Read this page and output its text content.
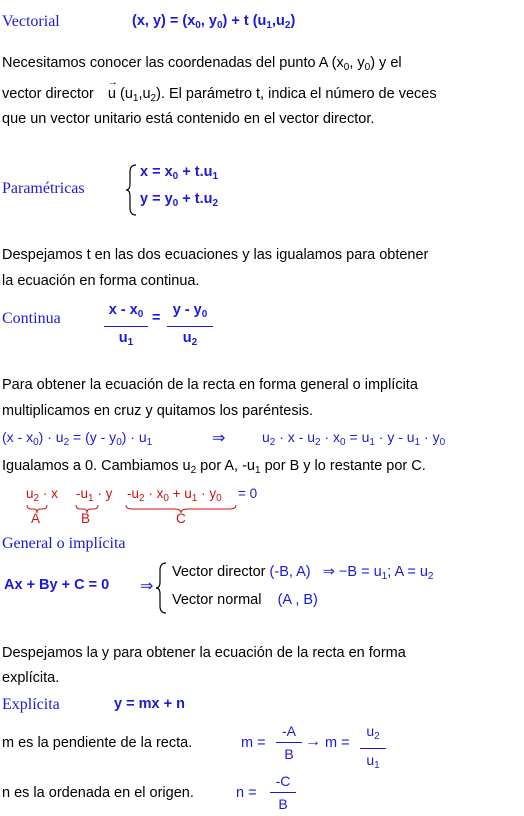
Vectorial	(x, $y) = (x_0$, $y_0) + t$ $(u_1,u_2)$
Necesitamos conocer las coordenadas del punto A ($x_0$, $y_0$) y el
vector director
→
u $(u_1,u_2)$. El parámetro t, indica el número de veces
que un vector unitario está contenido en el vector director.
Paramétricas
$x = x_0 + t.u_1$
$y = y_0 + t.u_2$
Despejamos t en las dos ecuaciones y las igualamos para obtener
la ecuación en forma continua.
Continua	x - $x_0$
$u_1$
= y - $y_0$
$u_2$
Para obtener la ecuación de la recta en forma general o implícita
multiplicamos en cruz y quitamos los paréntesis.
$(x - x_0) \cdot u_2 = (y - y_0) \cdot u_1$	⇒	$u_2 \cdot x - u_2 \cdot x_0 = u_1 \cdot y - u_1 \cdot y_0$
Igualamos a 0. Cambiamos $u_2$ por A, $-u_1$ por B y lo restante por C.
$u_2 \cdot x$ $-u_1 \cdot y$ $-u_2 \cdot x_0 + u_1 \cdot y_0 = 0$
A	B	C
General o implícita
Ax + By + C = 0 ⇒
Vector director (-B, A) ⇒ $-B = u_1$; $A = u_2$
Vector normal (A , B)
Despejamos la y para obtener la ecuación de la recta en forma
explícita.
Explícita	y = mx + n
m es la pendiente de la recta.	m =
-A
B
→ m =
$u_2$
$u_1$
n es la ordenada en el origen.	n =
-C
B
